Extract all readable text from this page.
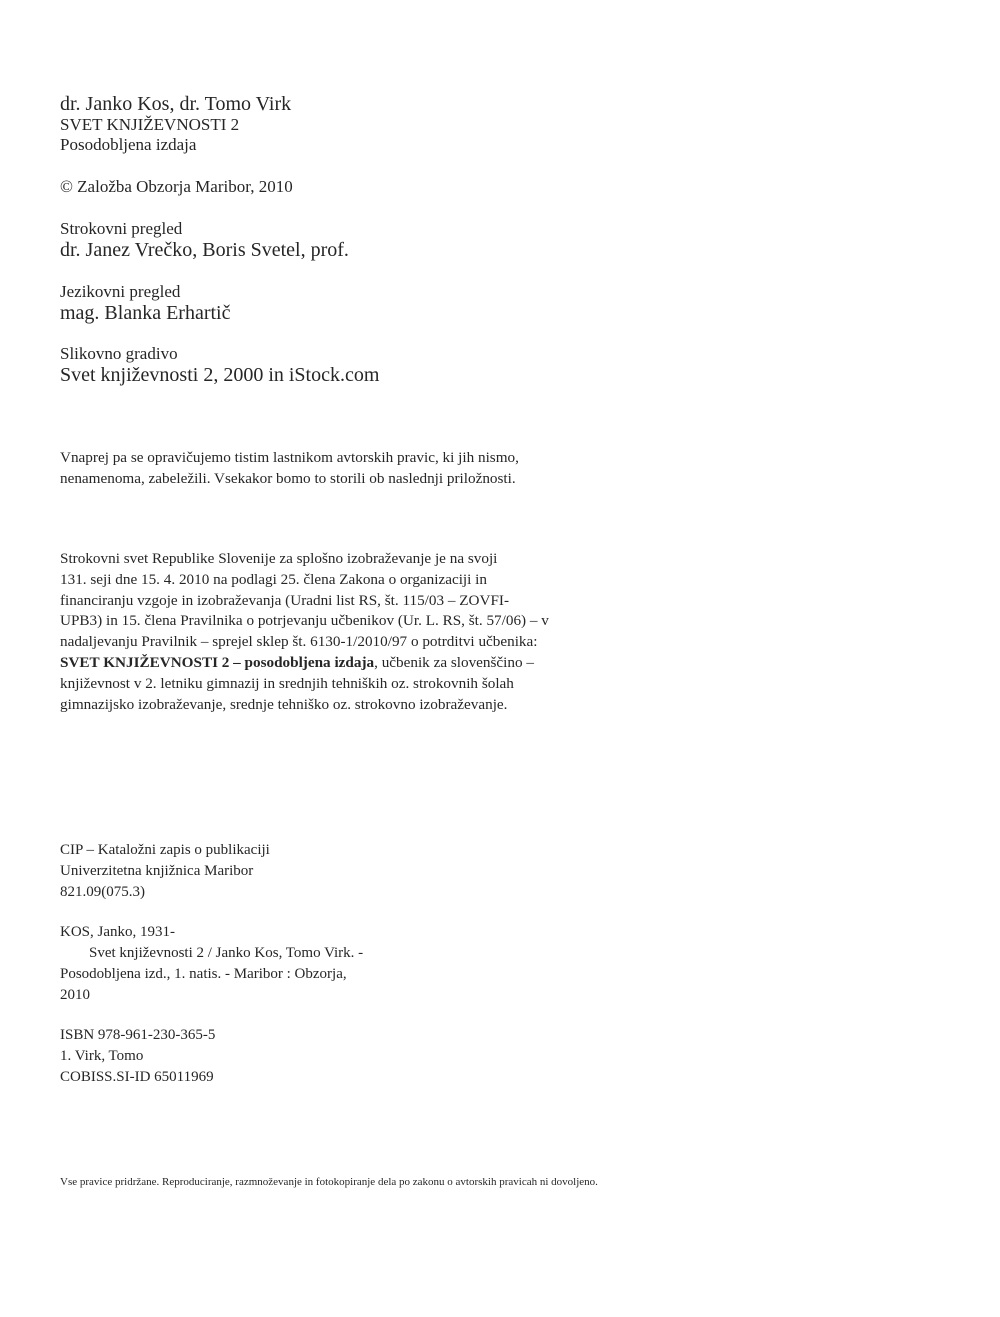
dr. Janko Kos, dr. Tomo Virk
SVET KNJIŽEVNOSTI 2
Posodobljena izdaja
© Založba Obzorja Maribor, 2010
Strokovni pregled
dr. Janez Vrečko, Boris Svetel, prof.
Jezikovni pregled
mag. Blanka Erhartič
Slikovno gradivo
Svet književnosti 2, 2000 in iStock.com
Vnaprej pa se opravičujemo tistim lastnikom avtorskih pravic, ki jih nismo,
nenamenoma, zabeležili. Vsekakor bomo to storili ob naslednji priložnosti.
Strokovni svet Republike Slovenije za splošno izobraževanje je na svoji
131. seji dne 15. 4. 2010 na podlagi 25. člena Zakona o organizaciji in
financiranju vzgoje in izobraževanja (Uradni list RS, št. 115/03 – ZOVFI-
UPB3) in 15. člena Pravilnika o potrjevanju učbenikov (Ur. L. RS, št. 57/06) – v
nadaljevanju Pravilnik – sprejel sklep št. 6130-1/2010/97 o potrditvi učbenika:
SVET KNJIŽEVNOSTI 2 – posodobljena izdaja, učbenik za slovenščino –
književnost v 2. letniku gimnazij in srednjih tehniških oz. strokovnih šolah
gimnazijsko izobraževanje, srednje tehniško oz. strokovno izobraževanje.
CIP – Kataložni zapis o publikaciji
Univerzitetna knjižnica Maribor
821.09(075.3)
KOS, Janko, 1931-
Svet književnosti 2 / Janko Kos, Tomo Virk. -
Posodobljena izd., 1. natis. - Maribor : Obzorja,
2010
ISBN 978-961-230-365-5
1. Virk, Tomo
COBISS.SI-ID 65011969
Vse pravice pridržane. Reproduciranje, razmnoževanje in fotokopiranje dela po zakonu o avtorskih pravicah ni dovoljeno.
